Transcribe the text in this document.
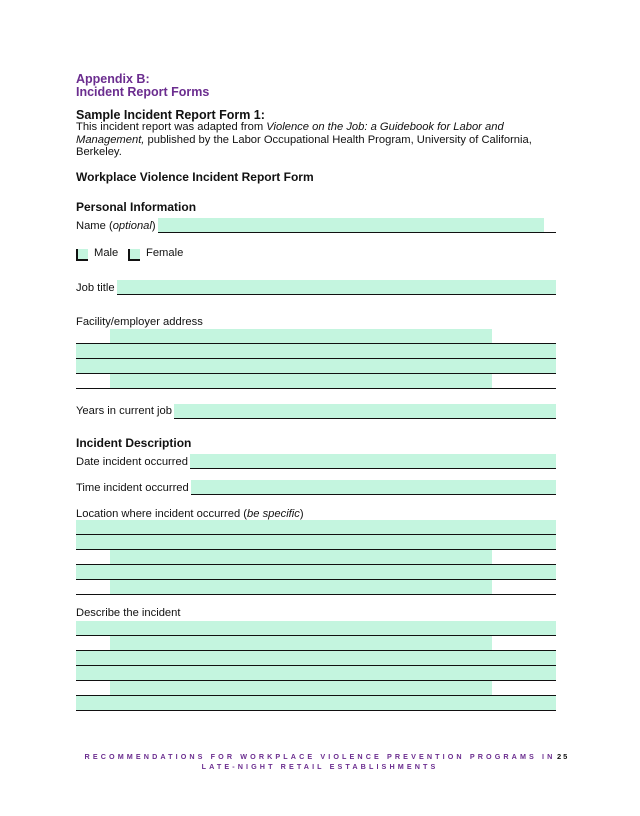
Appendix B:
Incident Report Forms
Sample Incident Report Form 1:
This incident report was adapted from Violence on the Job: a Guidebook for Labor and Management, published by the Labor Occupational Health Program, University of California, Berkeley.
Workplace Violence Incident Report Form
Personal Information
Name (optional)
Male Female
Job title
Facility/employer address
Years in current job
Incident Description
Date incident occurred
Time incident occurred
Location where incident occurred (be specific)
Describe the incident
RECOMMENDATIONS FOR WORKPLACE VIOLENCE PREVENTION PROGRAMS IN
LATE-NIGHT RETAIL ESTABLISHMENTS
25
